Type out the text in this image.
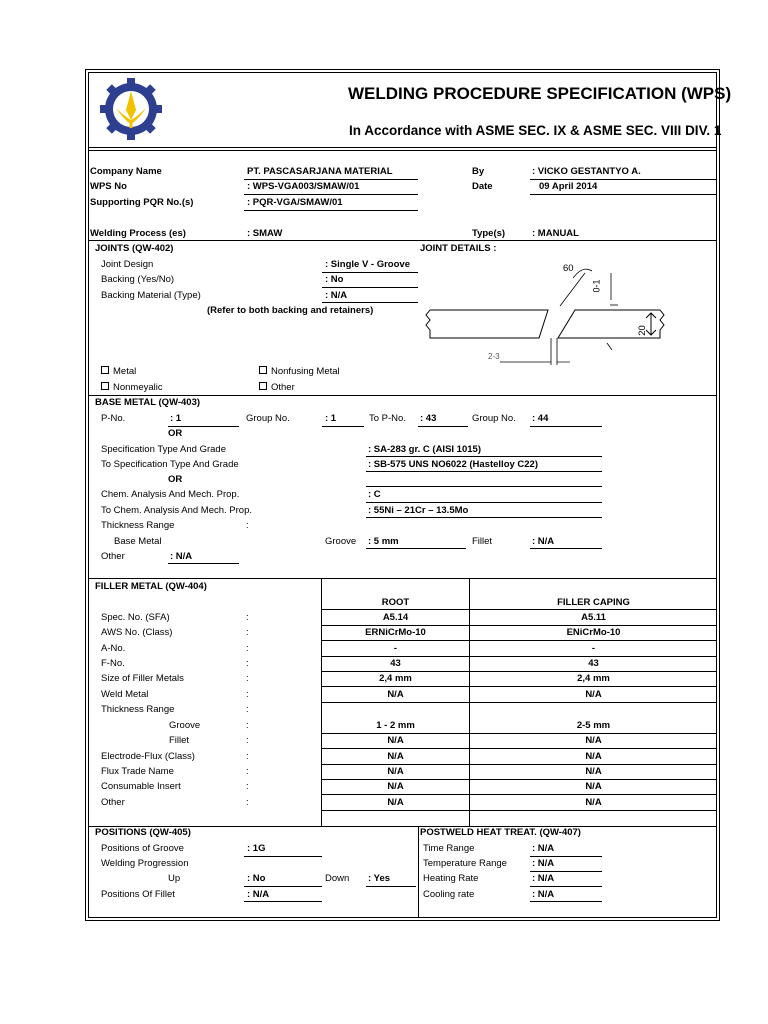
WELDING PROCEDURE SPECIFICATION (WPS)
In Accordance with ASME SEC. IX & ASME SEC. VIII DIV. 1
Company Name	PT. PASCASARJANA MATERIAL	By	: VICKO GESTANTYO A.
WPS No	: WPS-VGA003/SMAW/01	Date	09 April 2014
Supporting PQR No.(s)	: PQR-VGA/SMAW/01
Welding Process (es)	: SMAW	Type(s)	: MANUAL
JOINTS (QW-402)	JOINT DETAILS :
Joint Design	: Single V - Groove
Backing (Yes/No)	: No
Backing Material (Type)	: N/A
(Refer to both backing and retainers)
Metal	Nonfusing Metal
Nonmeyalic	Other
60
0-1
20
2-3
BASE METAL (QW-403)
P-No.	: 1	Group No.	: 1	To P-No. : 43	Group No. : 44
OR
Specification Type And Grade	: SA-283 gr. C (AISI 1015)
To Specification Type And Grade	: SB-575 UNS NO6022 (Hastelloy C22)
OR
Chem. Analysis And Mech. Prop.	: C
To Chem. Analysis And Mech. Prop.	: 55Ni – 21Cr – 13.5Mo
Thickness Range	:
Base Metal	Groove : 5 mm	Fillet	: N/A
Other	: N/A
FILLER METAL (QW-404)
ROOT	FILLER CAPING
Spec. No. (SFA)	:	A5.14	A5.11
AWS No. (Class)	:	ERNiCrMo-10	ENiCrMo-10
A-No.	:	-	-
F-No.	:	43	43
Size of Filler Metals	:	2,4 mm	2,4 mm
Weld Metal	:	N/A	N/A
Thickness Range	:
Groove	:	1 - 2 mm	2-5 mm
Fillet	:	N/A	N/A
Electrode-Flux (Class)	:	N/A	N/A
Flux Trade Name	:	N/A	N/A
Consumable Insert	:	N/A	N/A
Other	:	N/A	N/A
POSITIONS (QW-405)
Positions of Groove	: 1G
Welding Progression
Up	: No	Down : Yes
Positions Of Fillet	: N/A
POSTWELD HEAT TREAT. (QW-407)
Time Range	: N/A
Temperature Range	: N/A
Heating Rate	: N/A
Cooling rate	: N/A
